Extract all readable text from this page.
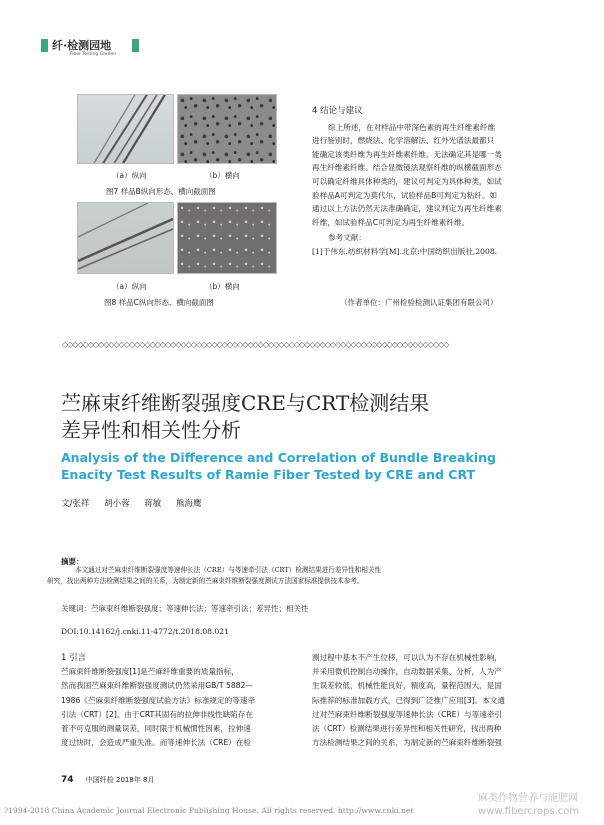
纤·检测园地
Fiber Testing Garden
（a）纵向	（b）横向
图7 样品B纵向形态、横向截面图
（a）纵向	（b）横向
图8 样品C纵向形态、横向截面图

4 结论与建议

综上所述，在对样品中带深色素的再生纤维素纤维

进行鉴别时，燃烧法、化学溶解法、红外光谱法最都只

能确定该类纤维为再生纤维素纤维，无法确定其是哪一类

再生纤维素纤维。结合显微镜法观察纤维的纵横截面形态

可以确定纤维具体种类的，建议可判定为具体种类，如试

验样品A可判定为莫代尔，试验样品B可判定为粘纤。如

通过以上方法仍然无法准确确定，建议判定为再生纤维素

纤维，如试验样品C可判定为再生纤维素纤维。

参考文献：

[1]于伟东.纺织材料学[M].北京:中国纺织出版社,2008.

（作者单位：广州检验检测认证集团有限公司）
◇◇◇◇◇◇◇◇◇◇◇◇◇◇◇◇◇◇◇◇◇◇◇◇◇◇◇◇◇◇◇◇◇◇◇◇◇◇◇◇◇◇◇◇◇◇◇◇◇◇◇◇◇◇◇◇◇◇◇◇◇◇◇◇◇◇◇◇◇◇◇◇◇◇◇
苎麻束纤维断裂强度CRE与CRT检测结果
差异性和相关性分析
Analysis of the Difference and Correlation of Bundle Breaking
Enacity Test Results of Ramie Fiber Tested by CRE and CRT
文/张祥 胡小蓉 蒋敏 熊海鹰
摘要：
本文通过对苎麻束纤维断裂强度等速伸长法（CRE）与等速牵引法（CRT）检测结果进行差异性和相关性
研究，找出两种方法检测结果之间的关系，为制定新的苎麻束纤维断裂强度测试方法国家标准提供技术参考。
关键词：苎麻束纤维断裂强度；等速伸长法；等速牵引法；差异性；相关性
DOI:10.14162/j.cnki.11-4772/t.2018.08.021

1 引言

苎麻束纤维断裂强度[1]是苎麻纤维重要的质量指标，

然而我国苎麻束纤维断裂强度测试仍然采用GB/T 5882—

1986《苎麻束纤维断裂强度试验方法》标准规定的等速牵

引法（CRT）[2]。由于CRT其固有的拉伸非线性缺陷存在

着不可克服的测量误差，同时限于机械惯性因素，拉伸速

度过快时，会造成严重失准。而等速伸长法（CRE）在检

测过程中基本不产生位移，可以认为不存在机械性影响，

并采用微机控制自动操作，自动数据采集、分析，人为产

生误差较低，机械性能良好，精度高，量程范围大，是国

际推荐的标准加载方式，已得到广泛推广应用[3]。本文通

过对苎麻束纤维断裂强度等速伸长法（CRE）与等速牵引

法（CRT）检测结果进行差异性和相关性研究，找出两种

方法检测结果之间的关系，为制定新的苎麻束纤维断裂强

74 中国纤检 2018年 8月
?1994-2018 China Academic Journal Electronic Publishing House. All rights reserved. http://www.cnki.net
麻类作物营养与施肥网
www.fibercrops.com
